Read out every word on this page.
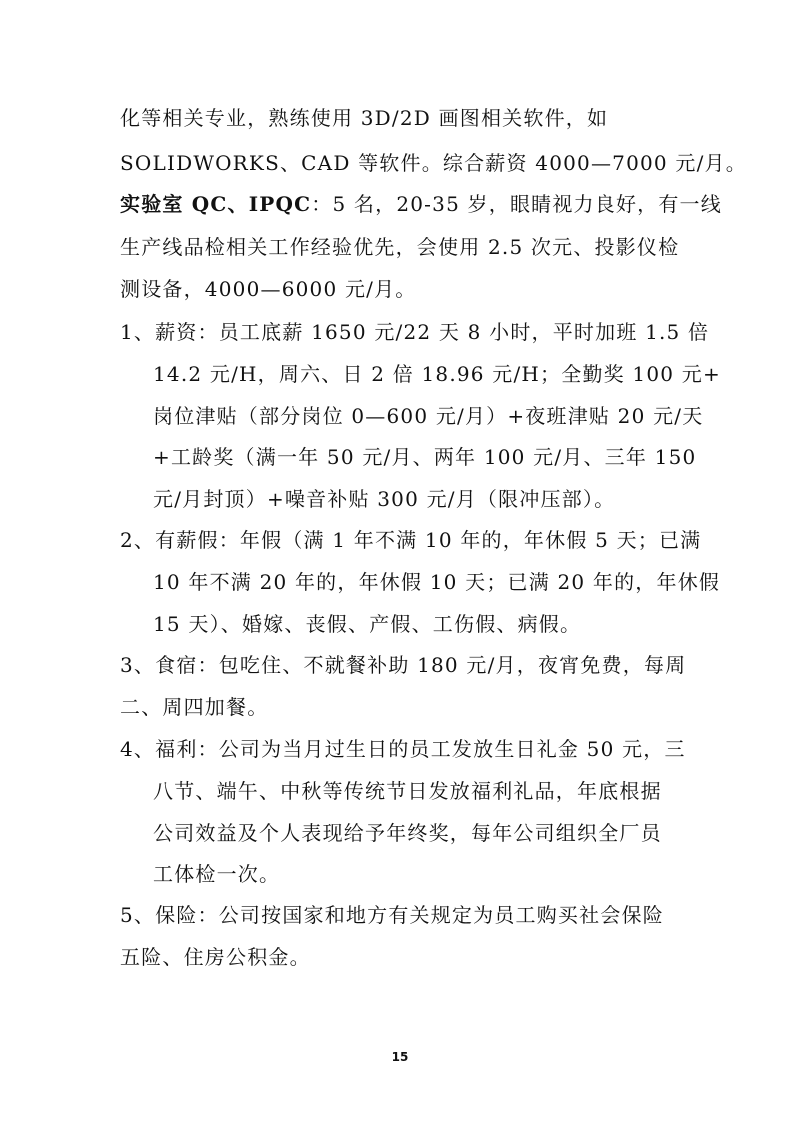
化等相关专业，熟练使用 3D/2D 画图相关软件，如
SOLIDWORKS、CAD 等软件。综合薪资 4000—7000 元/月。
实验室 QC、IPQC：5 名，20-35 岁，眼睛视力良好，有一线
生产线品检相关工作经验优先，会使用 2.5 次元、投影仪检
测设备，4000—6000 元/月。
1、薪资：员工底薪 1650 元/22 天 8 小时，平时加班 1.5 倍
14.2 元/H，周六、日 2 倍 18.96 元/H；全勤奖 100 元+
岗位津贴（部分岗位 0—600 元/月）+夜班津贴 20 元/天
+工龄奖（满一年 50 元/月、两年 100 元/月、三年 150
元/月封顶）+噪音补贴 300 元/月（限冲压部）。
2、有薪假：年假（满 1 年不满 10 年的，年休假 5 天；已满
10 年不满 20 年的，年休假 10 天；已满 20 年的，年休假
15 天）、婚嫁、丧假、产假、工伤假、病假。
3、食宿：包吃住、不就餐补助 180 元/月，夜宵免费，每周
二、周四加餐。
4、福利：公司为当月过生日的员工发放生日礼金 50 元，三
八节、端午、中秋等传统节日发放福利礼品，年底根据
公司效益及个人表现给予年终奖，每年公司组织全厂员
工体检一次。
5、保险：公司按国家和地方有关规定为员工购买社会保险
五险、住房公积金。
15
